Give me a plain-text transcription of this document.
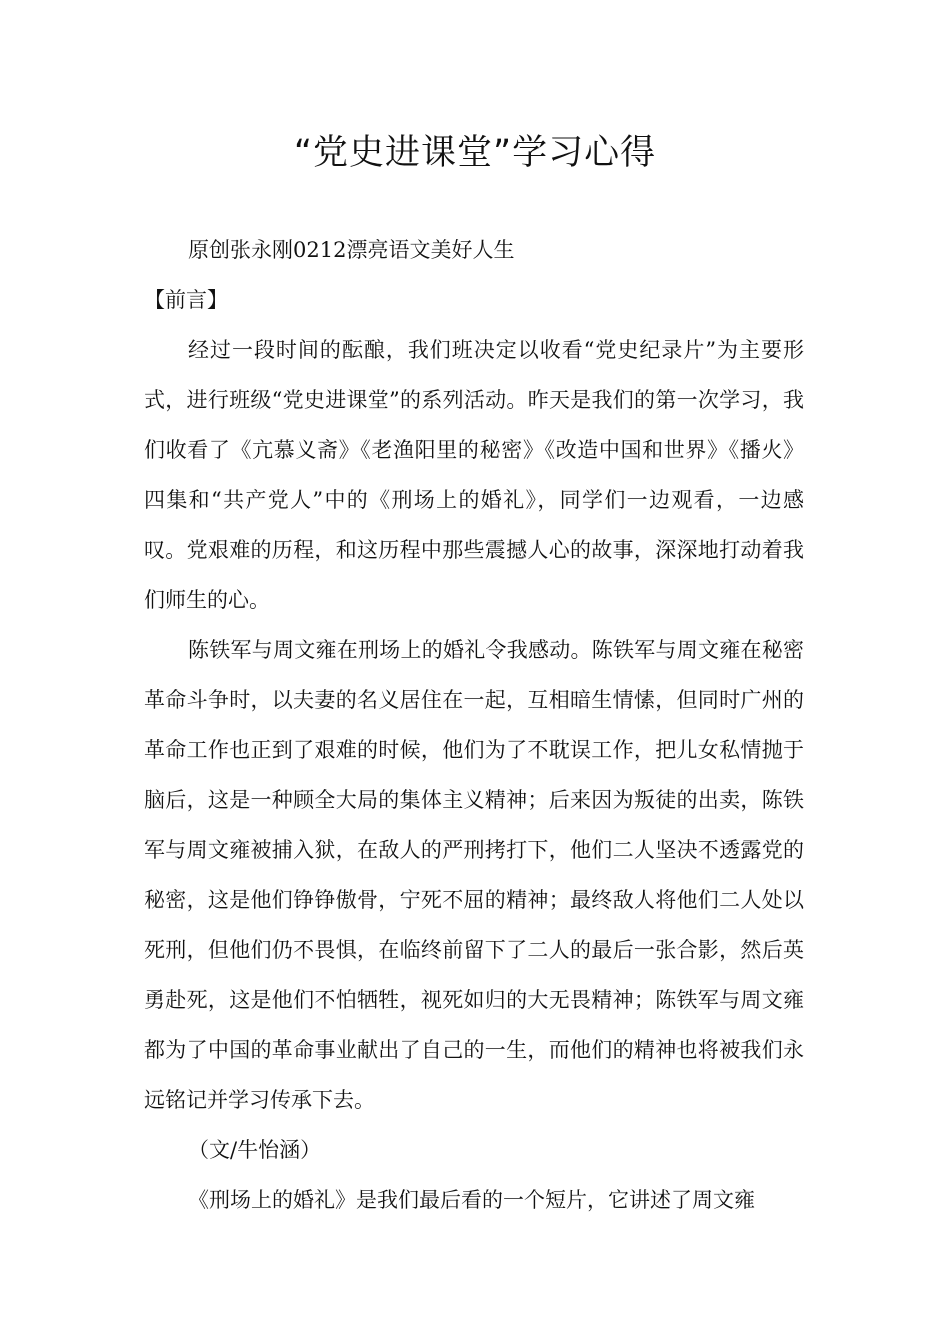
“党史进课堂”学习心得

原创张永刚0212漂亮语文美好人生

【前言】

经过一段时间的酝酿，我们班决定以收看“党史纪录片”为主要形式，进行班级“党史进课堂”的系列活动。昨天是我们的第一次学习，我们收看了《亢慕义斋》《老渔阳里的秘密》《改造中国和世界》《播火》四集和“共产党人”中的《刑场上的婚礼》，同学们一边观看，一边感叹。党艰难的历程，和这历程中那些震撼人心的故事，深深地打动着我们师生的心。

陈铁军与周文雍在刑场上的婚礼令我感动。陈铁军与周文雍在秘密革命斗争时，以夫妻的名义居住在一起，互相暗生情愫，但同时广州的革命工作也正到了艰难的时候，他们为了不耽误工作，把儿女私情抛于脑后，这是一种顾全大局的集体主义精神；后来因为叛徒的出卖，陈铁军与周文雍被捕入狱，在敌人的严刑拷打下，他们二人坚决不透露党的秘密，这是他们铮铮傲骨，宁死不屈的精神；最终敌人将他们二人处以死刑，但他们仍不畏惧，在临终前留下了二人的最后一张合影，然后英勇赴死，这是他们不怕牺牲，视死如归的大无畏精神；陈铁军与周文雍都为了中国的革命事业献出了自己的一生，而他们的精神也将被我们永远铭记并学习传承下去。

（文/牛怡涵）

《刑场上的婚礼》是我们最后看的一个短片，它讲述了周文雍
